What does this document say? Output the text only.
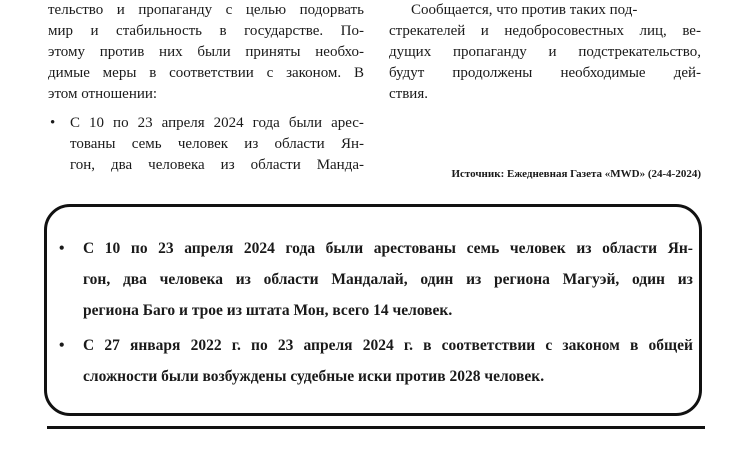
тельство и пропаганду с целью подорвать
мир и стабильность в государстве. По-
этому против них были приняты необхо-
димые меры в соответствии с законом. В
этом отношении:
• С 10 по 23 апреля 2024 года были арес-
тованы семь человек из области Ян-
гон, два человека из области Манда-
Сообщается, что против таких под-
стрекателей и недобросовестных лиц, ве-
дущих пропаганду и подстрекательство,
будут продолжены необходимые дей-
ствия.
Источник: Ежедневная Газета «MWD» (24-4-2024)
• С 10 по 23 апреля 2024 года были арестованы семь человек из области Ян-
гон, два человека из области Мандалай, один из региона Магуэй, один из
региона Баго и трое из штата Мон, всего 14 человек.
• С 27 января 2022 г. по 23 апреля 2024 г. в соответствии с законом в общей
сложности были возбуждены судебные иски против 2028 человек.
